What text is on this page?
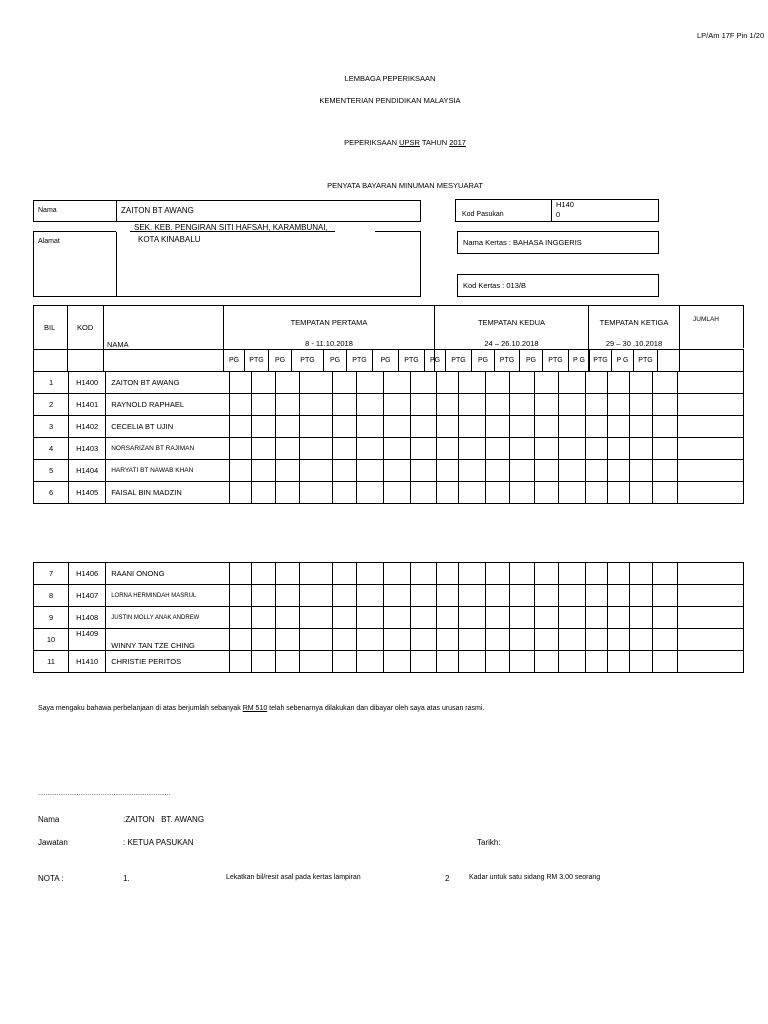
LP/Am 17F Pin 1/20
LEMBAGA PEPERIKSAAN
KEMENTERIAN PENDIDIKAN MALAYSIA
PEPERIKSAAN UPSR TAHUN 2017
PENYATA BAYARAN MINUMAN MESYUARAT
Nama	ZAITON BT AWANG
Alamat
SEK. KEB. PENGIRAN SITI HAFSAH, KARAMBUNAI,
KOTA KINABALU
Kod Pasukan
H140
0
Nama Kertas : BAHASA INGGERIS
Kod Kertas : 013/B
BIL	KOD
NAMA
TEMPATAN PERTAMA
8 - 11.10.2018
TEMPATAN KEDUA
24 – 26.10.2018
TEMPATAN KETIGA
29 – 30 .10.2018
JUMLAH
PG	PTG	PG	PTG	PG	PTG	PG	PTG	PG	PTG	PG	PTG	PG	PTG	P G	PTG	P G	PTG
1	H1400	ZAITON BT AWANG																			
2	H1401	RAYNOLD RAPHAEL																			
3	H1402	CECELIA BT UJIN																			
4	H1403	NORSARIZAN BT RAJIMAN																			
5	H1404	HARYATI BT NAWAB KHAN																			
6	H1405	FAISAL BIN MADZIN																			
7	H1406	RAANI ONONG																			
8	H1407	LORNA HERMINDAH MASRUL																			
9	H1408	JUSTIN MOLLY ANAK ANDREW																			
10	H1409	WINNY TAN TZE CHING																			
11	H1410	CHRISTIE PERITOS																			
Saya mengaku bahawa perbelanjaan di atas berjumlah sebanyak RM 510 telah sebenarnya dilakukan dan dibayar oleh saya atas urusan rasmi.
………………………………………………………………
Nama	:ZAITON   BT. AWANG
Jawatan	: KETUA PASUKAN	Tarikh:
NOTA :	1.	Lekatkan bil/resit asal pada kertas lampiran	2	Kadar untuk satu sidang RM 3.00 seorang
